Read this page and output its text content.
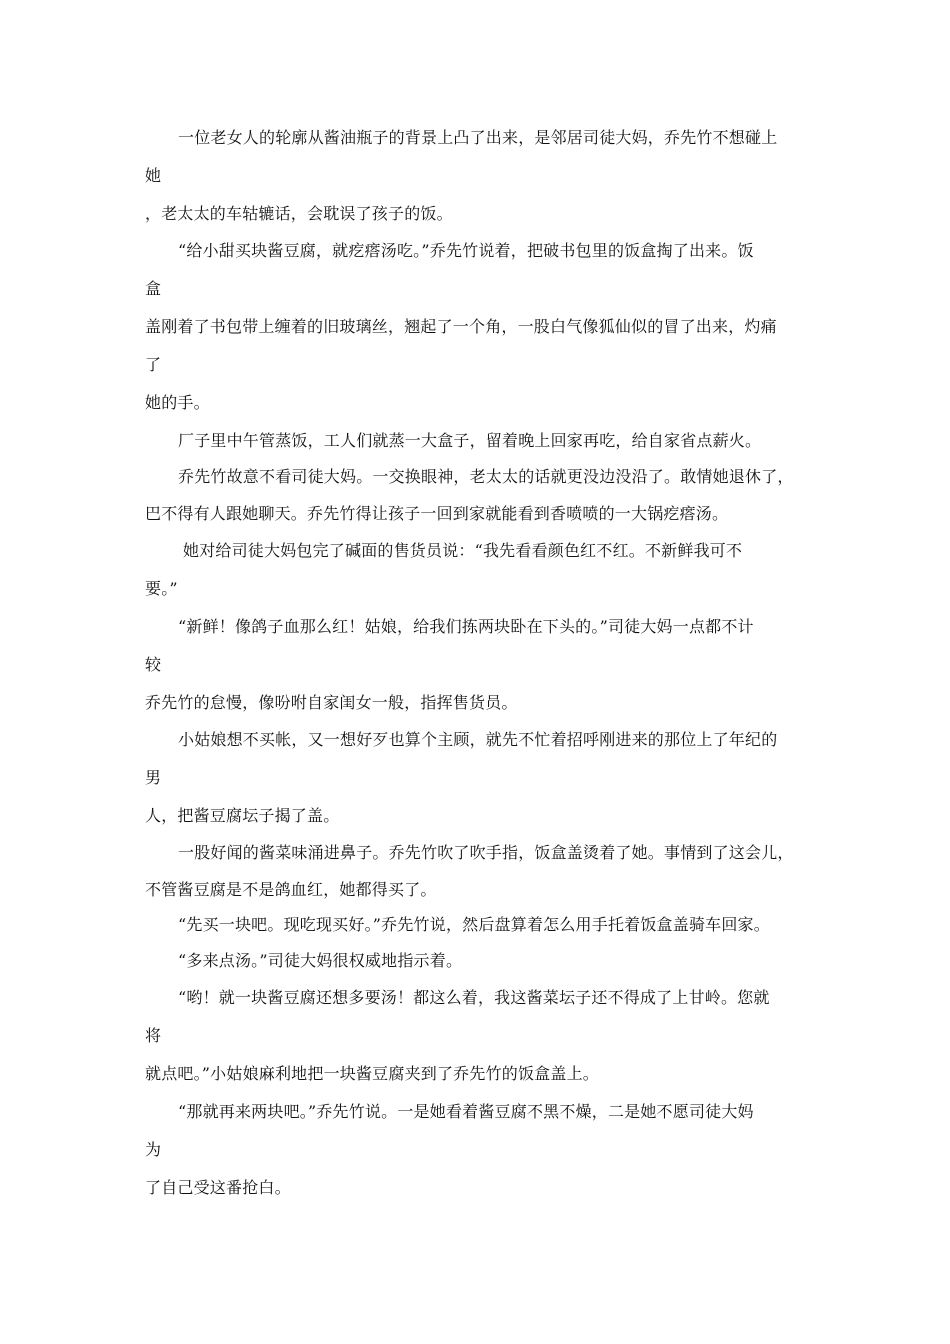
一位老女人的轮廓从酱油瓶子的背景上凸了出来，是邻居司徒大妈，乔先竹不想碰上
她
，老太太的车轱辘话，会耽误了孩子的饭。
“给小甜买块酱豆腐，就疙瘩汤吃。”乔先竹说着，把破书包里的饭盒掏了出来。饭
盒
盖刚着了书包带上缠着的旧玻璃丝，翘起了一个角，一股白气像狐仙似的冒了出来，灼痛
了
她的手。
厂子里中午管蒸饭，工人们就蒸一大盒子，留着晚上回家再吃，给自家省点薪火。
乔先竹故意不看司徒大妈。一交换眼神，老太太的话就更没边没沿了。敢情她退休了，
巴不得有人跟她聊天。乔先竹得让孩子一回到家就能看到香喷喷的一大锅疙瘩汤。
她对给司徒大妈包完了碱面的售货员说：“我先看看颜色红不红。不新鲜我可不
要。”
“新鲜！像鸽子血那么红！姑娘，给我们拣两块卧在下头的。”司徒大妈一点都不计
较
乔先竹的怠慢，像吩咐自家闺女一般，指挥售货员。
小姑娘想不买帐，又一想好歹也算个主顾，就先不忙着招呼刚进来的那位上了年纪的
男
人，把酱豆腐坛子揭了盖。
一股好闻的酱菜味涌进鼻子。乔先竹吹了吹手指，饭盒盖烫着了她。事情到了这会儿，
不管酱豆腐是不是鸽血红，她都得买了。
“先买一块吧。现吃现买好。”乔先竹说，然后盘算着怎么用手托着饭盒盖骑车回家。
“多来点汤。”司徒大妈很权威地指示着。
“哟！就一块酱豆腐还想多要汤！都这么着，我这酱菜坛子还不得成了上甘岭。您就
将
就点吧。”小姑娘麻利地把一块酱豆腐夹到了乔先竹的饭盒盖上。
“那就再来两块吧。”乔先竹说。一是她看着酱豆腐不黑不燥，二是她不愿司徒大妈
为
了自己受这番抢白。
